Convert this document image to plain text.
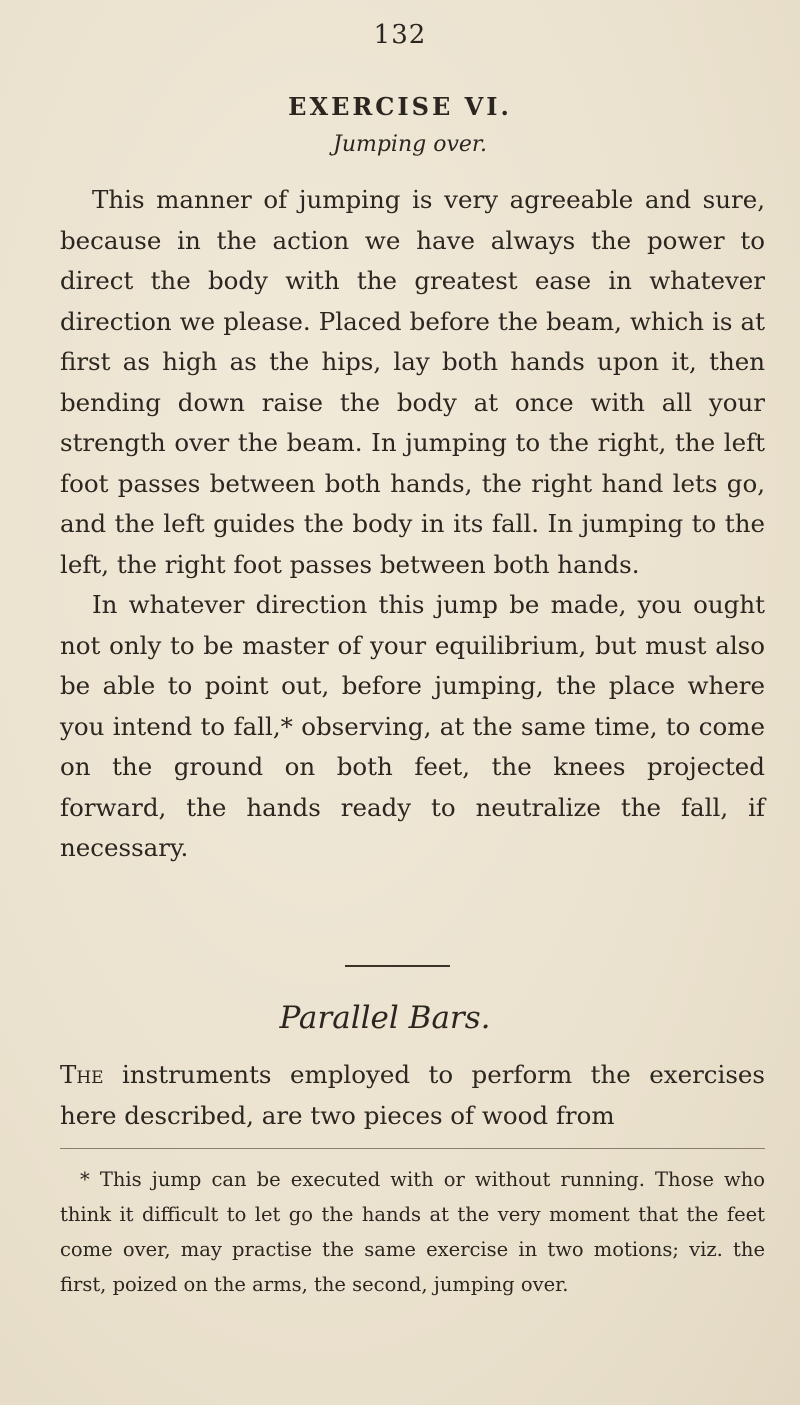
132
EXERCISE VI.
Jumping over.

This manner of jumping is very agreeable and sure, because in the action we have always the power to direct the body with the greatest ease in whatever direction we please. Placed before the beam, which is at first as high as the hips, lay both hands upon it, then bending down raise the body at once with all your strength over the beam. In jumping to the right, the left foot passes between both hands, the right hand lets go, and the left guides the body in its fall. In jumping to the left, the right foot passes between both hands.

In whatever direction this jump be made, you ought not only to be master of your equilibrium, but must also be able to point out, before jumping, the place where you intend to fall,* observing, at the same time, to come on the ground on both feet, the knees projected forward, the hands ready to neutralize the fall, if necessary.

Parallel Bars.

The instruments employed to perform the exercises here described, are two pieces of wood from

* This jump can be executed with or without running. Those who think it difficult to let go the hands at the very moment that the feet come over, may practise the same exercise in two motions; viz. the first, poized on the arms, the second, jumping over.
